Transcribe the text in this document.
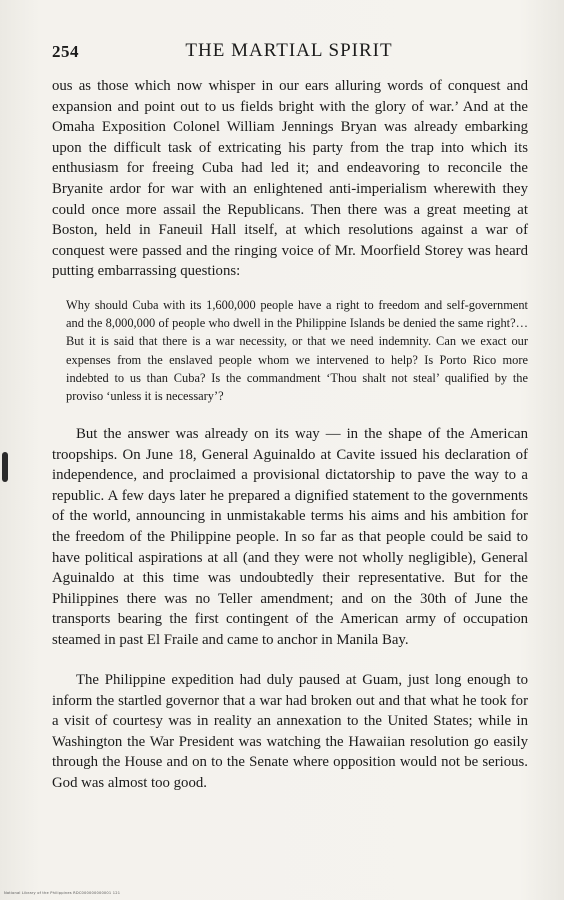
254	THE MARTIAL SPIRIT

ous as those which now whisper in our ears alluring words of conquest and expansion and point out to us fields bright with the glory of war.’ And at the Omaha Exposition Colonel William Jennings Bryan was already embarking upon the difficult task of extricating his party from the trap into which its enthusiasm for freeing Cuba had led it; and endeavoring to reconcile the Bryanite ardor for war with an enlightened anti-imperialism wherewith they could once more assail the Republicans. Then there was a great meeting at Boston, held in Faneuil Hall itself, at which resolutions against a war of conquest were passed and the ringing voice of Mr. Moorfield Storey was heard putting embarrassing questions:

Why should Cuba with its 1,600,000 people have a right to freedom and self-government and the 8,000,000 of people who dwell in the Philippine Islands be denied the same right?… But it is said that there is a war necessity, or that we need indemnity. Can we exact our expenses from the enslaved people whom we intervened to help? Is Porto Rico more indebted to us than Cuba? Is the commandment ‘Thou shalt not steal’ qualified by the proviso ‘unless it is necessary’?

But the answer was already on its way — in the shape of the American troopships. On June 18, General Aguinaldo at Cavite issued his declaration of independence, and proclaimed a provisional dictatorship to pave the way to a republic. A few days later he prepared a dignified statement to the governments of the world, announcing in unmistakable terms his aims and his ambition for the freedom of the Philippine people. In so far as that people could be said to have political aspirations at all (and they were not wholly negligible), General Aguinaldo at this time was undoubtedly their representative. But for the Philippines there was no Teller amendment; and on the 30th of June the transports bearing the first contingent of the American army of occupation steamed in past El Fraile and came to anchor in Manila Bay.

The Philippine expedition had duly paused at Guam, just long enough to inform the startled governor that a war had broken out and that what he took for a visit of courtesy was in reality an annexation to the United States; while in Washington the War President was watching the Hawaiian resolution go easily through the House and on to the Senate where opposition would not be serious. God was almost too good.

National Library of the Philippines RDC000000000001 121
